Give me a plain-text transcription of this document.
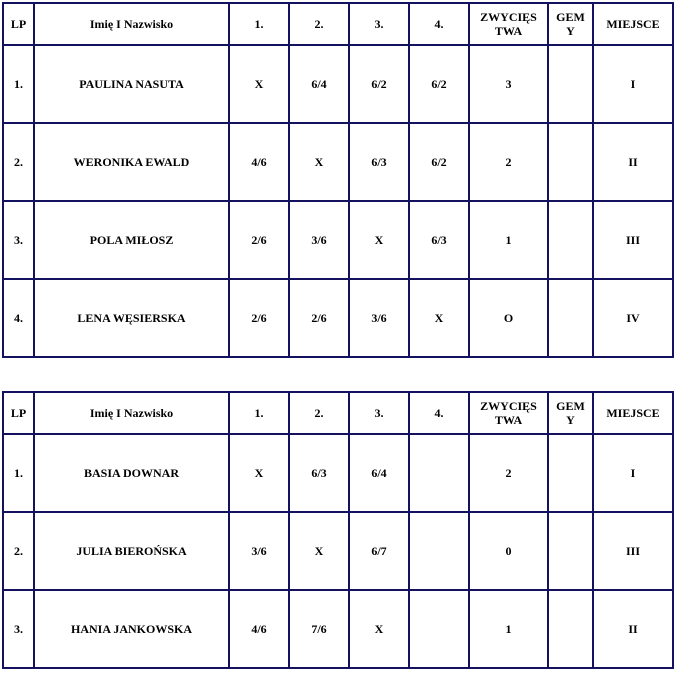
LP	Imię I Nazwisko	1.	2.	3.	4.	ZWYCIĘSTWA	GEMY	MIEJSCE
1.	PAULINA NASUTA	X	6/4	6/2	6/2	3		I
2.	WERONIKA EWALD	4/6	X	6/3	6/2	2		II
3.	POLA MIŁOSZ	2/6	3/6	X	6/3	1		III
4.	LENA WĘSIERSKA	2/6	2/6	3/6	X	O		IV
LP	Imię I Nazwisko	1.	2.	3.	4.	ZWYCIĘSTWA	GEMY	MIEJSCE
1.	BASIA DOWNAR	X	6/3	6/4		2		I
2.	JULIA BIEROŃSKA	3/6	X	6/7		0		III
3.	HANIA JANKOWSKA	4/6	7/6	X		1		II
